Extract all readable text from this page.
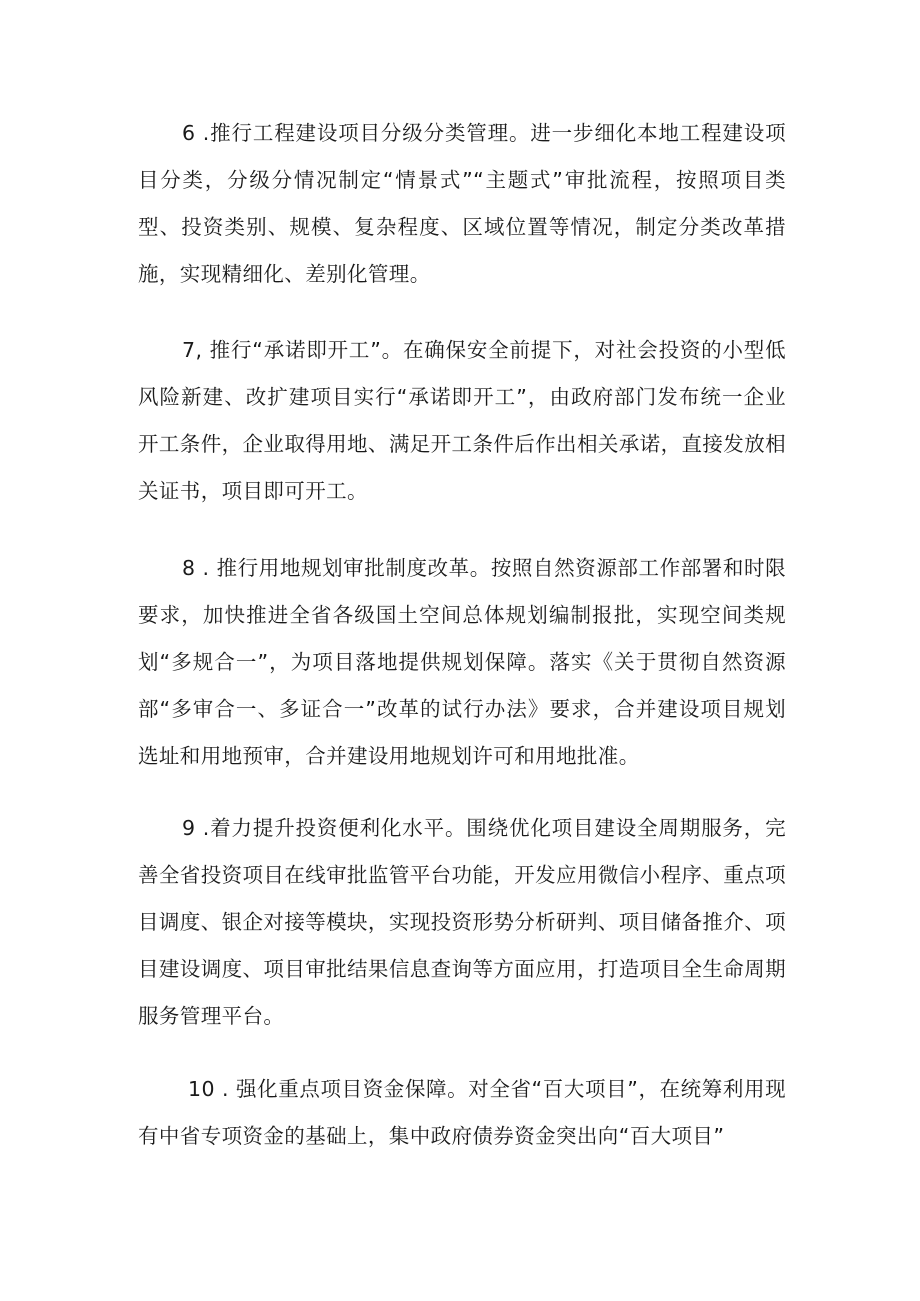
6 .推行工程建设项目分级分类管理。进一步细化本地工程建设项目分类，分级分情况制定“情景式”“主题式”审批流程，按照项目类型、投资类别、规模、复杂程度、区域位置等情况，制定分类改革措施，实现精细化、差别化管理。

7, 推行“承诺即开工”。在确保安全前提下，对社会投资的小型低风险新建、改扩建项目实行“承诺即开工”，由政府部门发布统一企业开工条件，企业取得用地、满足开工条件后作出相关承诺，直接发放相关证书，项目即可开工。

8 . 推行用地规划审批制度改革。按照自然资源部工作部署和时限要求，加快推进全省各级国土空间总体规划编制报批，实现空间类规划“多规合一”，为项目落地提供规划保障。落实《关于贯彻自然资源部“多审合一、多证合一”改革的试行办法》要求，合并建设项目规划选址和用地预审，合并建设用地规划许可和用地批准。

9 .着力提升投资便利化水平。围绕优化项目建设全周期服务，完善全省投资项目在线审批监管平台功能，开发应用微信小程序、重点项目调度、银企对接等模块，实现投资形势分析研判、项目储备推介、项目建设调度、项目审批结果信息查询等方面应用，打造项目全生命周期服务管理平台。

10 . 强化重点项目资金保障。对全省“百大项目”，在统筹利用现有中省专项资金的基础上，集中政府债券资金突出向“百大项目”
